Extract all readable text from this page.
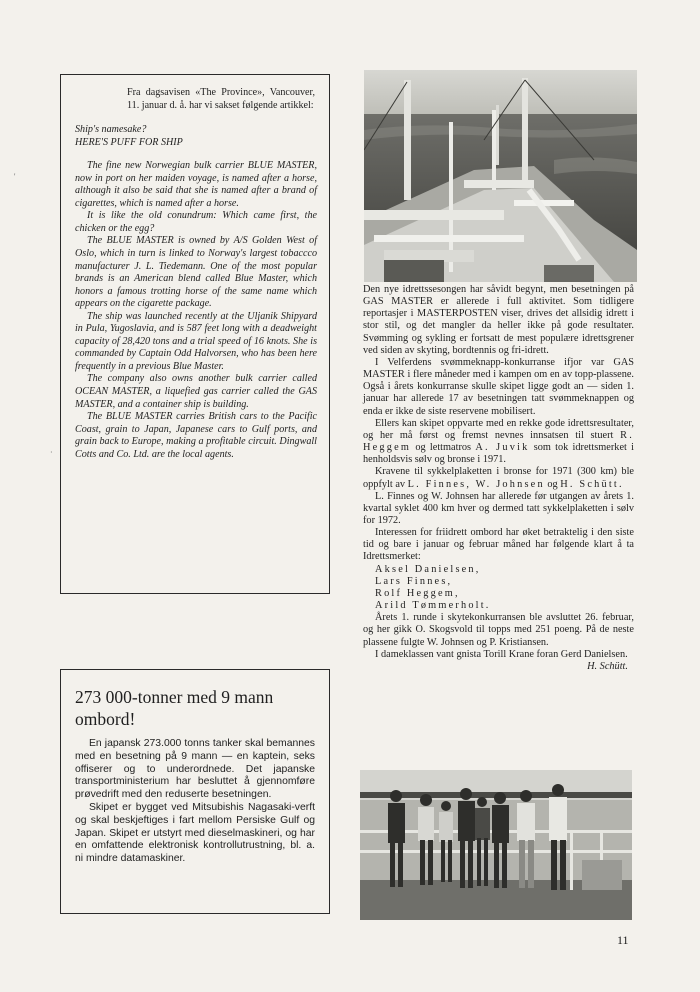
'
·

Fra dagsavisen «The Province», Vancouver, 11. januar d. å. har vi sakset følgende artikkel:

Ship's namesake?

HERE'S PUFF FOR SHIP

The fine new Norwegian bulk carrier BLUE MASTER, now in port on her maiden voyage, is named after a horse, although it also be said that she is named after a brand of cigarettes, which is named after a horse.

It is like the old conundrum: Which came first, the chicken or the egg?

The BLUE MASTER is owned by A/S Golden West of Oslo, which in turn is linked to Norway's largest tobaccco manufacturer J. L. Tiedemann. One of the most popular brands is an American blend called Blue Master, which honors a famous trotting horse of the same name which appears on the cigarette package.

The ship was launched recently at the Uljanik Shipyard in Pula, Yugoslavia, and is 587 feet long with a deadweight capacity of 28,420 tons and a trial speed of 16 knots. She is commanded by Captain Odd Halvorsen, who has been here frequently in a previous Blue Master.

The company also owns another bulk carrier called OCEAN MASTER, a liquefied gas carrier called the GAS MASTER, and a container ship is building.

The BLUE MASTER carries British cars to the Pacific Coast, grain to Japan, Japanese cars to Gulf ports, and grain back to Europe, making a profitable circuit. Dingwall Cotts and Co. Ltd. are the local agents.

273 000-tonner med 9 mann ombord!

En japansk 273.000 tonns tanker skal bemannes med en besetning på 9 mann — en kaptein, seks offiserer og to underordnede. Det japanske transportministerium har besluttet å gjennomføre prøvedrift med den reduserte besetningen.

Skipet er bygget ved Mitsubishis Nagasaki-verft og skal beskjeftiges i fart mellom Persiske Gulf og Japan. Skipet er utstyrt med dieselmaskineri, og har en omfattende elektronisk kontrollutrustning, bl. a. ni mindre datamaskiner.

Den nye idrettssesongen har såvidt begynt, men besetningen på GAS MASTER er allerede i full aktivitet. Som tidligere reportasjer i MASTERPOSTEN viser, drives det allsidig idrett i stor stil, og det mangler da heller ikke på gode resultater. Svømming og sykling er fortsatt de mest populære idrettsgrener ved siden av skyting, bordtennis og fri-idrett.

I Velferdens svømmeknapp-konkurranse ifjor var GAS MASTER i flere måneder med i kampen om en av topp-plassene. Også i årets konkurranse skulle skipet ligge godt an — siden 1. januar har allerede 17 av besetningen tatt svømmeknappen og enda er ikke de siste reservene mobilisert.

Ellers kan skipet oppvarte med en rekke gode idrettsresultater, og her må først og fremst nevnes innsatsen til stuert R. Heggem og lettmatros A. Juvik som tok idrettsmerket i henholdsvis sølv og bronse i 1971.

Kravene til sykkelplaketten i bronse for 1971 (300 km) ble oppfylt av L. Finnes, W. Johnsen og H. Schütt.

L. Finnes og W. Johnsen har allerede før utgangen av årets 1. kvartal syklet 400 km hver og dermed tatt sykkelplaketten i sølv for 1972.

Interessen for friidrett ombord har øket betraktelig i den siste tid og bare i januar og februar måned har følgende klart å ta Idrettsmerket:

Aksel Danielsen,
Lars Finnes,
Rolf Heggem,
Arild Tømmerholt.

Årets 1. runde i skytekonkurransen ble avsluttet 26. februar, og her gikk O. Skogsvold til topps med 251 poeng. På de neste plassene fulgte W. Johnsen og P. Kristiansen.

I dameklassen vant gnista Torill Krane foran Gerd Danielsen.

H. Schütt.
11
